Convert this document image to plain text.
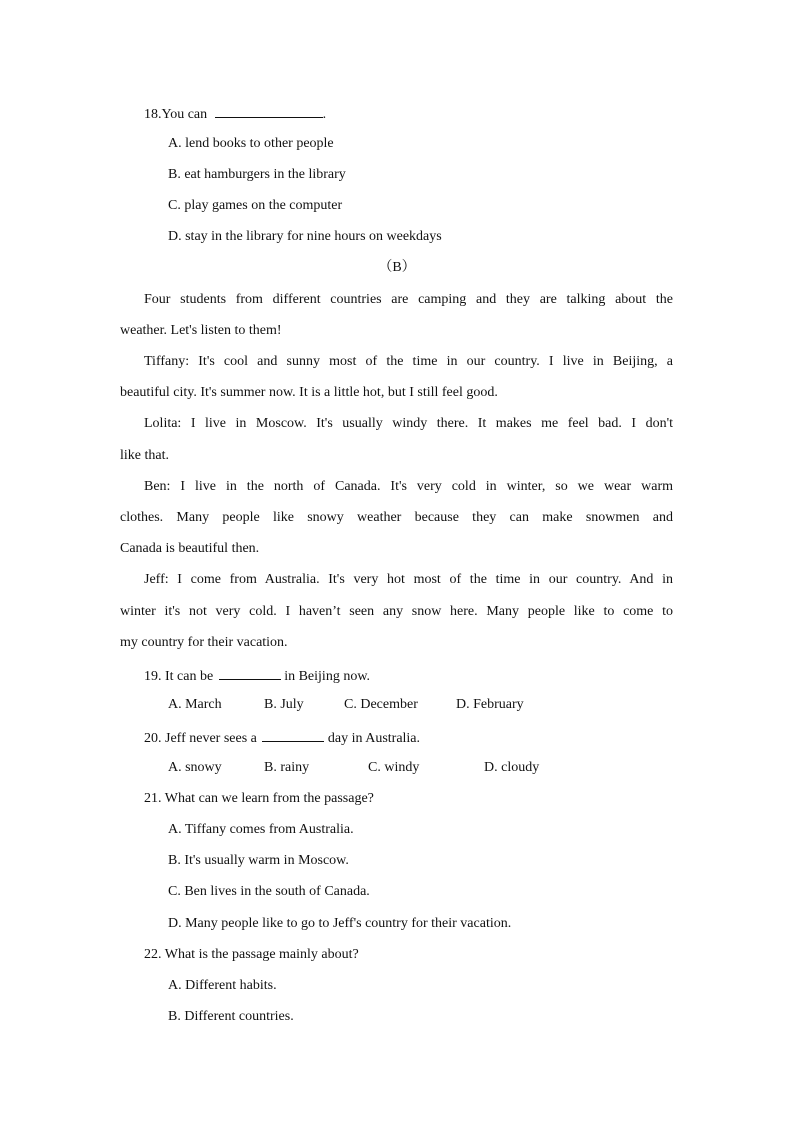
18.You can	.
A. lend books to other people
B. eat hamburgers in the library
C. play games on the computer
D. stay in the library for nine hours on weekdays
（B）
Four students from different countries are camping and they are talking about the
weather. Let's listen to them!
Tiffany: It's cool and sunny most of the time in our country. I live in Beijing, a
beautiful city. It's summer now. It is a little hot, but I still feel good.
Lolita: I live in Moscow. It's usually windy there. It makes me feel bad. I don't
like that.
Ben: I live in the north of Canada. It's very cold in winter, so we wear warm
clothes. Many people like snowy weather because they can make snowmen and
Canada is beautiful then.
Jeff: I come from Australia. It's very hot most of the time in our country. And in
winter it's not very cold. I haven’t seen any snow here. Many people like to come to
my country for their vacation.
19. It can be	in Beijing now.
A. March	B. July	C. December	D. February
20. Jeff never sees a	day in Australia.
A. snowy	B. rainy	C. windy	D. cloudy
21. What can we learn from the passage?
A. Tiffany comes from Australia.
B. It's usually warm in Moscow.
C. Ben lives in the south of Canada.
D. Many people like to go to Jeff's country for their vacation.
22. What is the passage mainly about?
A. Different habits.
B. Different countries.
